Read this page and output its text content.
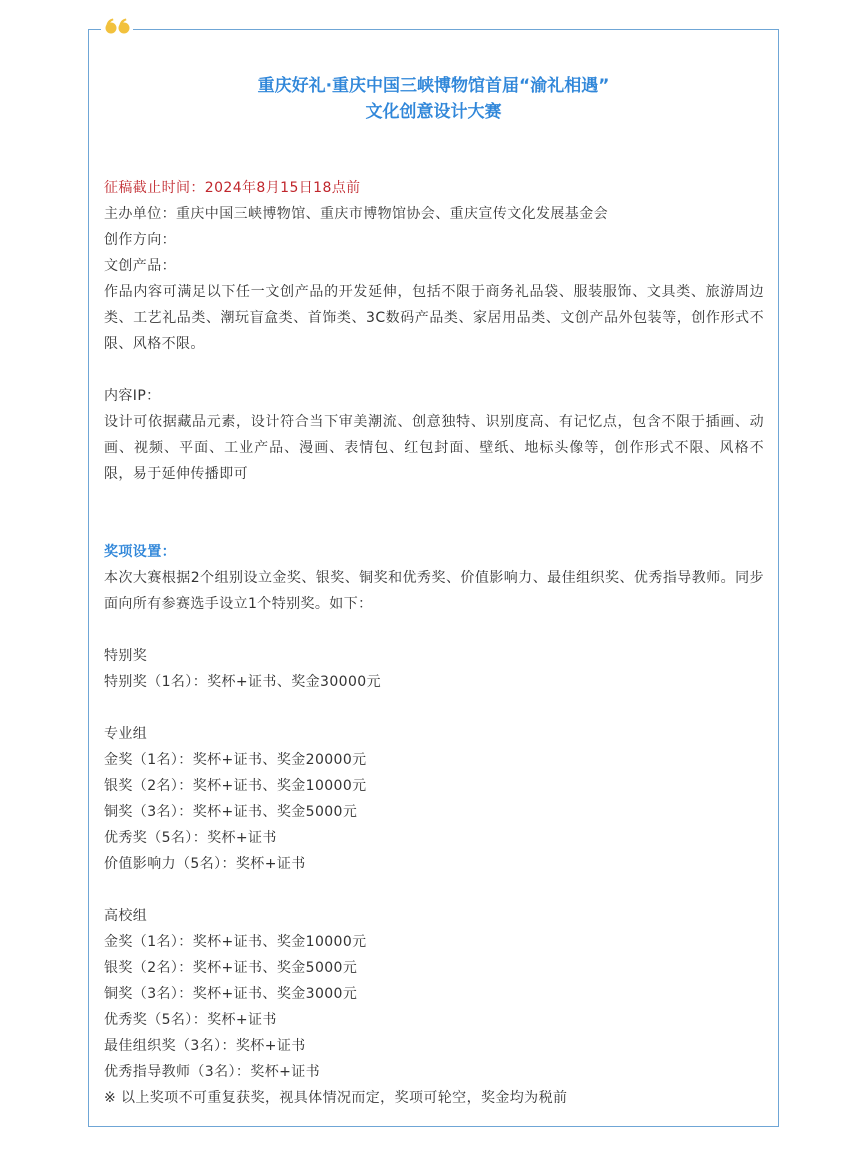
重庆好礼·重庆中国三峡博物馆首届“渝礼相遇”
文化创意设计大赛

征稿截止时间：2024年8月15日18点前

主办单位：重庆中国三峡博物馆、重庆市博物馆协会、重庆宣传文化发展基金会

创作方向：

文创产品：

作品内容可满足以下任一文创产品的开发延伸，包括不限于商务礼品袋、服装服饰、文具类、旅游周边类、工艺礼品类、潮玩盲盒类、首饰类、3C数码产品类、家居用品类、文创产品外包装等，创作形式不限、风格不限。

内容IP：

设计可依据藏品元素，设计符合当下审美潮流、创意独特、识别度高、有记忆点，包含不限于插画、动画、视频、平面、工业产品、漫画、表情包、红包封面、壁纸、地标头像等，创作形式不限、风格不限，易于延伸传播即可

奖项设置：

本次大赛根据2个组别设立金奖、银奖、铜奖和优秀奖、价值影响力、最佳组织奖、优秀指导教师。同步面向所有参赛选手设立1个特别奖。如下：

特别奖

特别奖（1名）：奖杯+证书、奖金30000元

专业组

金奖（1名）：奖杯+证书、奖金20000元

银奖（2名）：奖杯+证书、奖金10000元

铜奖（3名）：奖杯+证书、奖金5000元

优秀奖（5名）：奖杯+证书

价值影响力（5名）：奖杯+证书

高校组

金奖（1名）：奖杯+证书、奖金10000元

银奖（2名）：奖杯+证书、奖金5000元

铜奖（3名）：奖杯+证书、奖金3000元

优秀奖（5名）：奖杯+证书

最佳组织奖（3名）：奖杯+证书

优秀指导教师（3名）：奖杯+证书

※ 以上奖项不可重复获奖，视具体情况而定，奖项可轮空，奖金均为税前
